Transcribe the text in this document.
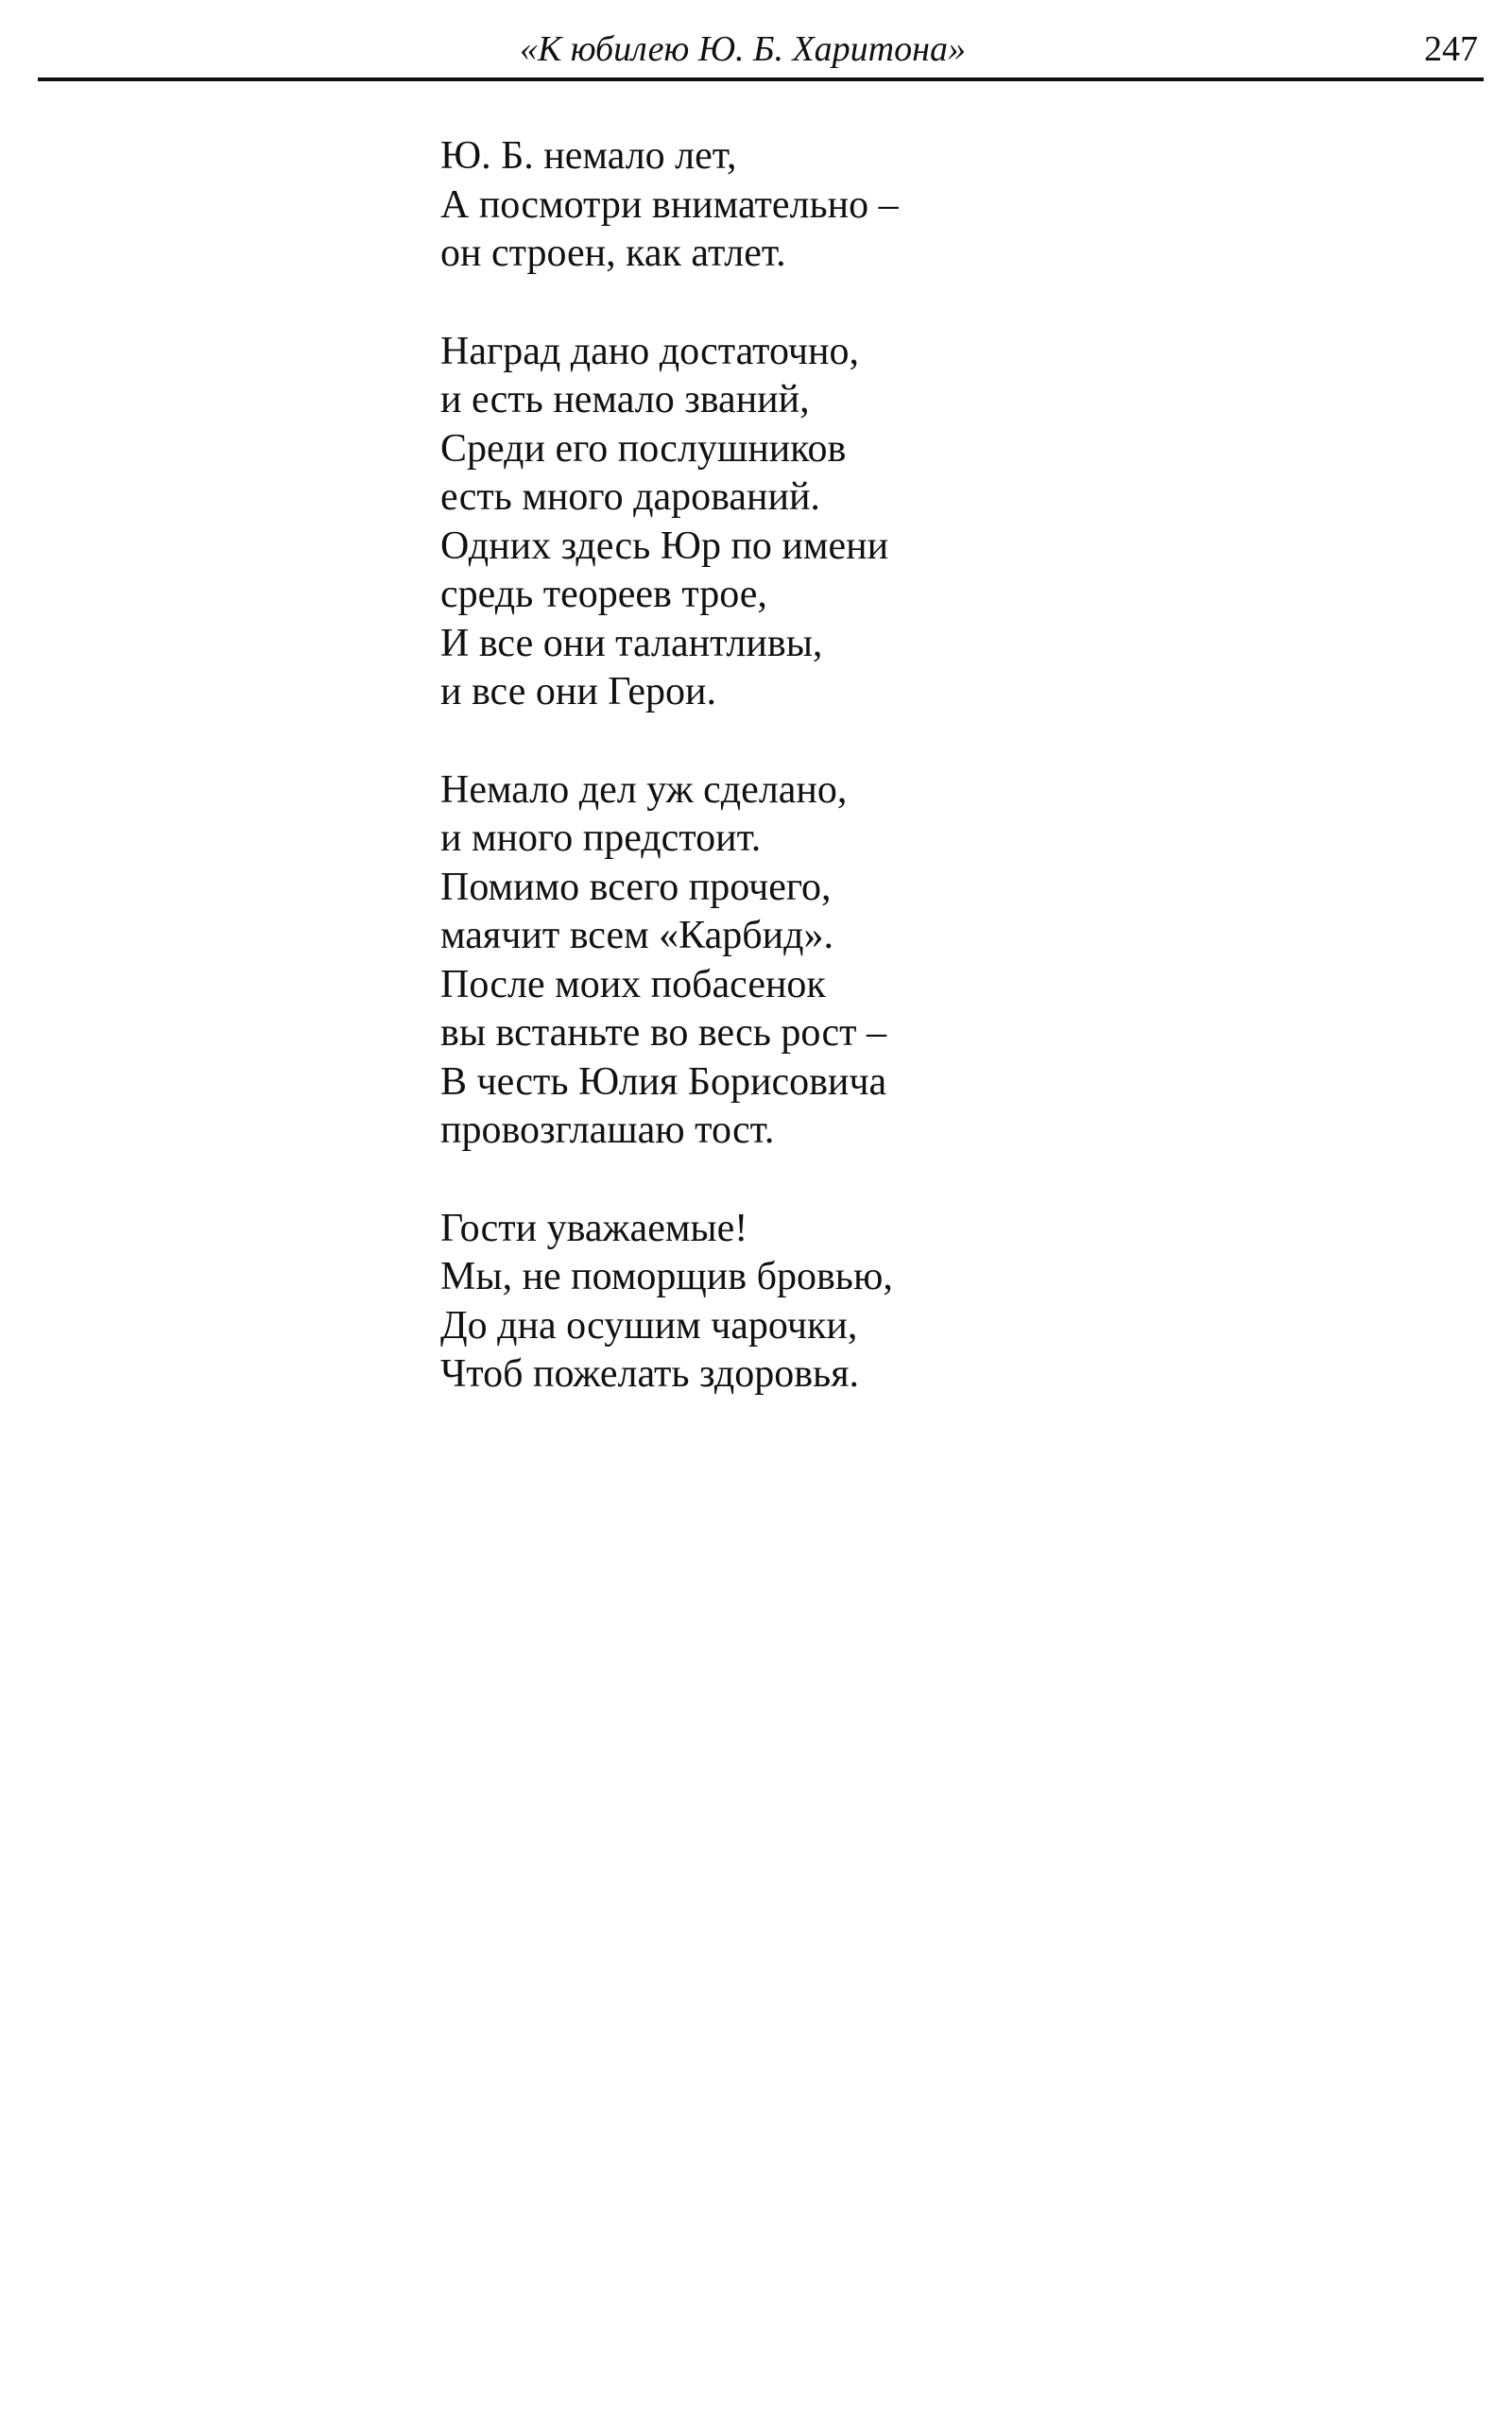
«К юбилею Ю. Б. Харитона»	247
Ю. Б. немало лет,
А посмотри внимательно –
он строен, как атлет.
Наград дано достаточно,
и есть немало званий,
Среди его послушников
есть много дарований.
Одних здесь Юр по имени
средь теореев трое,
И все они талантливы,
и все они Герои.
Немало дел уж сделано,
и много предстоит.
Помимо всего прочего,
маячит всем «Карбид».
После моих побасенок
вы встаньте во весь рост –
В честь Юлия Борисовича
провозглашаю тост.
Гости уважаемые!
Мы, не поморщив бровью,
До дна осушим чарочки,
Чтоб пожелать здоровья.
